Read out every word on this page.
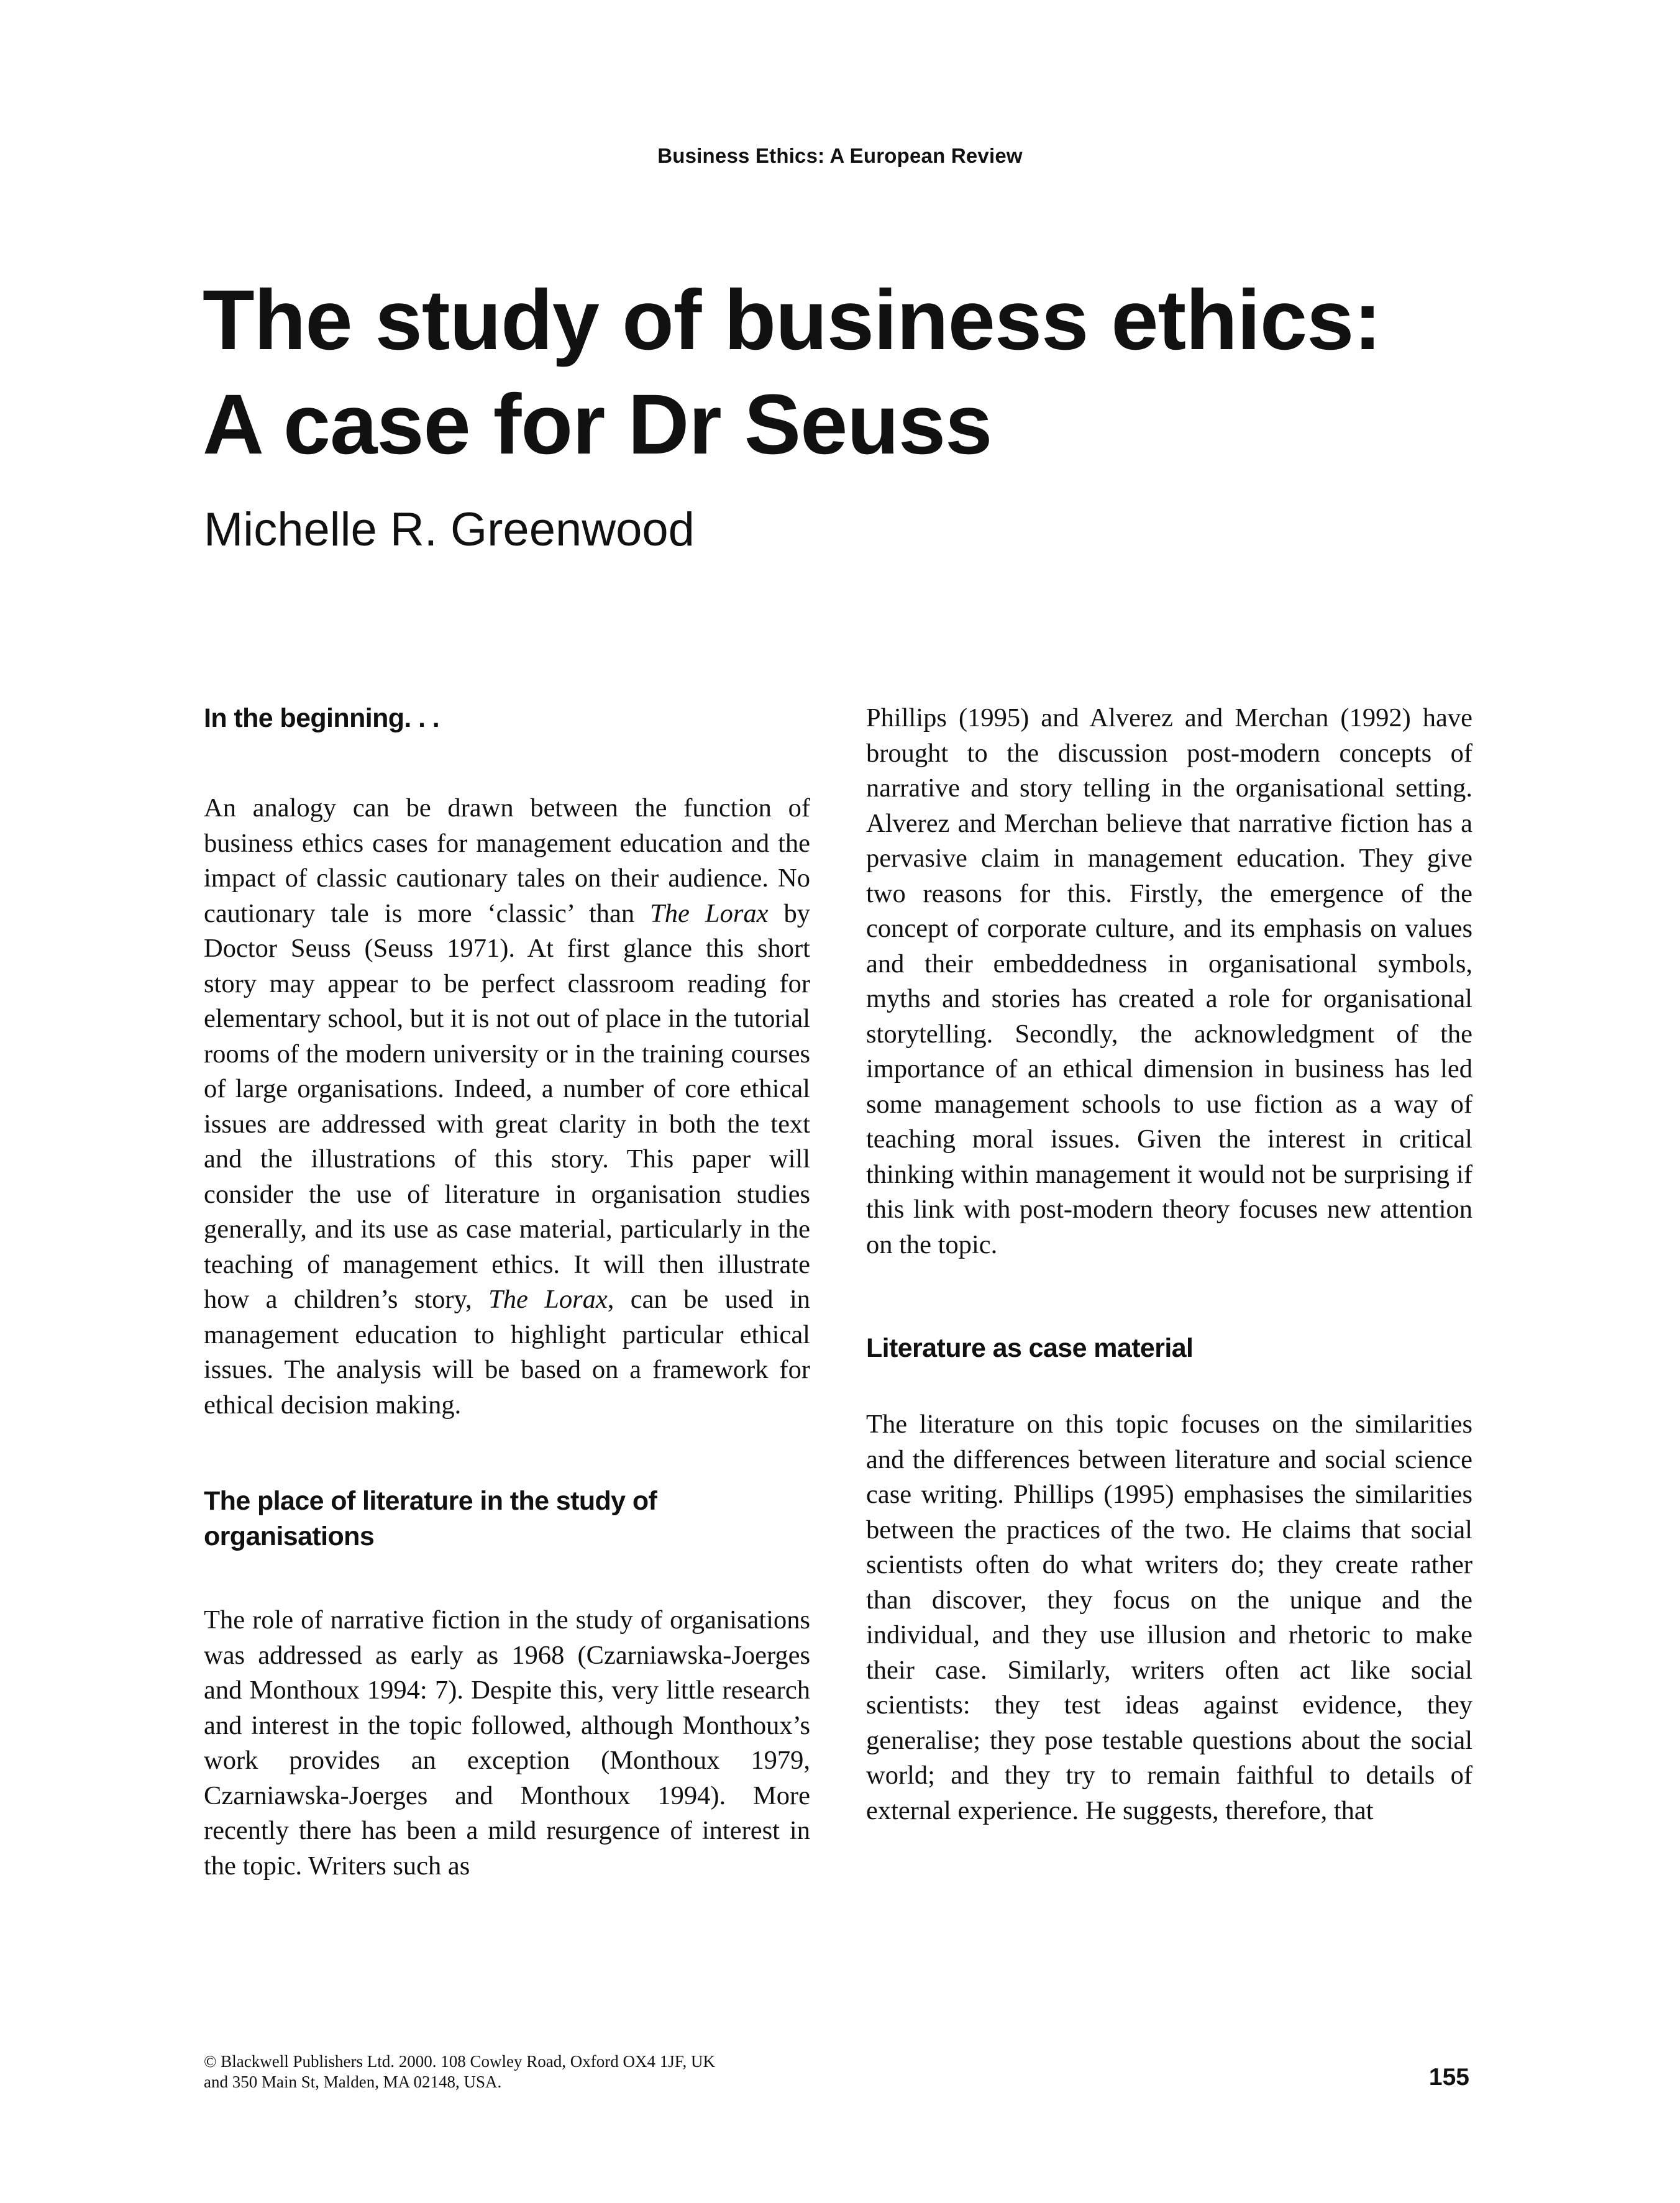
Business Ethics: A European Review
The study of business ethics:
A case for Dr Seuss
Michelle R. Greenwood
In the beginning. . .

An analogy can be drawn between the function of business ethics cases for management education and the impact of classic cautionary tales on their audience. No cautionary tale is more ‘classic’ than The Lorax by Doctor Seuss (Seuss 1971). At first glance this short story may appear to be perfect classroom reading for elementary school, but it is not out of place in the tutorial rooms of the modern university or in the training courses of large organisations. Indeed, a number of core ethical issues are addressed with great clarity in both the text and the illustrations of this story. This paper will consider the use of literature in organisation studies generally, and its use as case material, particularly in the teaching of management ethics. It will then illustrate how a children’s story, The Lorax, can be used in management education to highlight particular ethical issues. The analysis will be based on a framework for ethical decision making.

The place of literature in the study of organisations

The role of narrative fiction in the study of organisations was addressed as early as 1968 (Czarniawska-Joerges and Monthoux 1994: 7). Despite this, very little research and interest in the topic followed, although Monthoux’s work provides an exception (Monthoux 1979, Czarniawska-Joerges and Monthoux 1994). More recently there has been a mild resurgence of interest in the topic. Writers such as

Phillips (1995) and Alverez and Merchan (1992) have brought to the discussion post-modern concepts of narrative and story telling in the organisational setting. Alverez and Merchan believe that narrative fiction has a pervasive claim in management education. They give two reasons for this. Firstly, the emergence of the concept of corporate culture, and its emphasis on values and their embeddedness in organisational symbols, myths and stories has created a role for organisational storytelling. Secondly, the acknowledgment of the importance of an ethical dimension in business has led some management schools to use fiction as a way of teaching moral issues. Given the interest in critical thinking within management it would not be surprising if this link with post-modern theory focuses new attention on the topic.

Literature as case material

The literature on this topic focuses on the similarities and the differences between literature and social science case writing. Phillips (1995) emphasises the similarities between the practices of the two. He claims that social scientists often do what writers do; they create rather than discover, they focus on the unique and the individual, and they use illusion and rhetoric to make their case. Similarly, writers often act like social scientists: they test ideas against evidence, they generalise; they pose testable questions about the social world; and they try to remain faithful to details of external experience. He suggests, therefore, that

© Blackwell Publishers Ltd. 2000. 108 Cowley Road, Oxford OX4 1JF, UK
and 350 Main St, Malden, MA 02148, USA.	155
